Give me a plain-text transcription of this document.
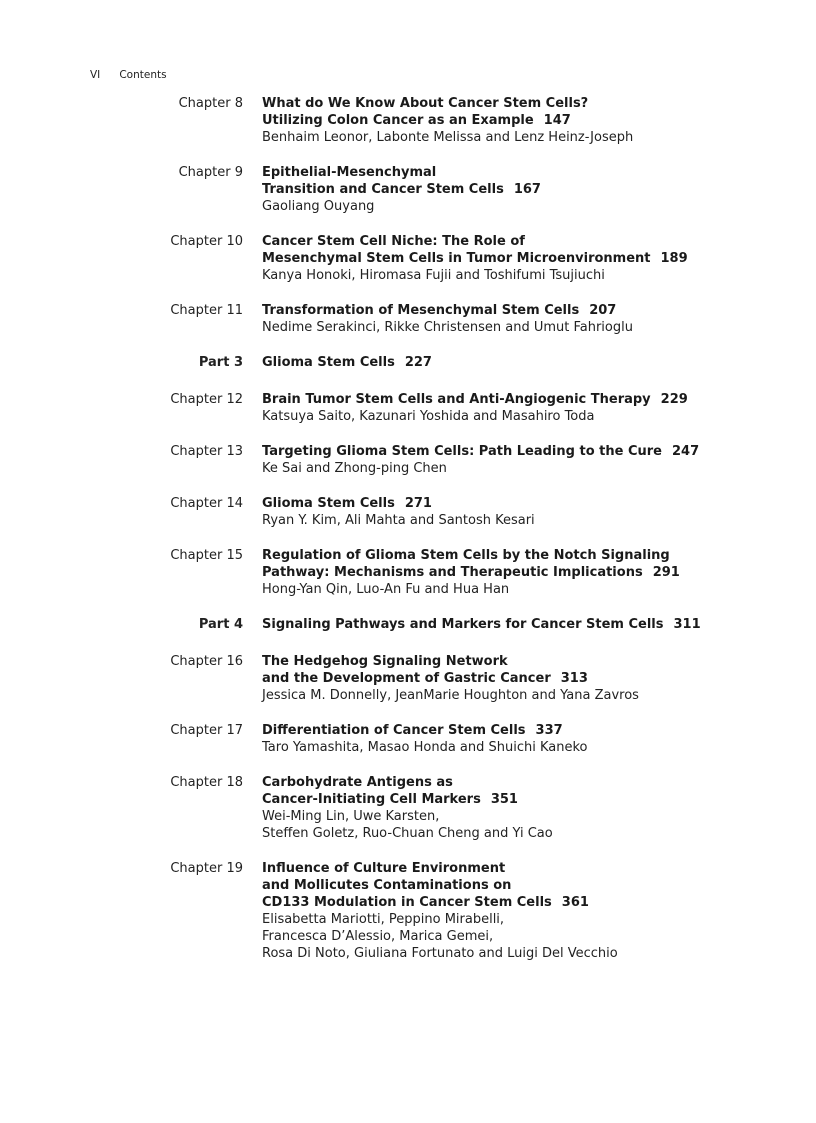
VI Contents
Chapter 8 What do We Know About Cancer Stem Cells?
Utilizing Colon Cancer as an Example 147
Benhaim Leonor, Labonte Melissa and Lenz Heinz-Joseph
Chapter 9 Epithelial-Mesenchymal
Transition and Cancer Stem Cells 167
Gaoliang Ouyang
Chapter 10 Cancer Stem Cell Niche: The Role of
Mesenchymal Stem Cells in Tumor Microenvironment 189
Kanya Honoki, Hiromasa Fujii and Toshifumi Tsujiuchi
Chapter 11 Transformation of Mesenchymal Stem Cells 207
Nedime Serakinci, Rikke Christensen and Umut Fahrioglu
Part 3 Glioma Stem Cells 227
Chapter 12 Brain Tumor Stem Cells and Anti-Angiogenic Therapy 229
Katsuya Saito, Kazunari Yoshida and Masahiro Toda
Chapter 13 Targeting Glioma Stem Cells: Path Leading to the Cure 247
Ke Sai and Zhong-ping Chen
Chapter 14 Glioma Stem Cells 271
Ryan Y. Kim, Ali Mahta and Santosh Kesari
Chapter 15 Regulation of Glioma Stem Cells by the Notch Signaling
Pathway: Mechanisms and Therapeutic Implications 291
Hong-Yan Qin, Luo-An Fu and Hua Han
Part 4 Signaling Pathways and Markers for Cancer Stem Cells 311
Chapter 16 The Hedgehog Signaling Network
and the Development of Gastric Cancer 313
Jessica M. Donnelly, JeanMarie Houghton and Yana Zavros
Chapter 17 Differentiation of Cancer Stem Cells 337
Taro Yamashita, Masao Honda and Shuichi Kaneko
Chapter 18 Carbohydrate Antigens as
Cancer-Initiating Cell Markers 351
Wei-Ming Lin, Uwe Karsten,
Steffen Goletz, Ruo-Chuan Cheng and Yi Cao
Chapter 19 Influence of Culture Environment
and Mollicutes Contaminations on
CD133 Modulation in Cancer Stem Cells 361
Elisabetta Mariotti, Peppino Mirabelli,
Francesca D’Alessio, Marica Gemei,
Rosa Di Noto, Giuliana Fortunato and Luigi Del Vecchio
